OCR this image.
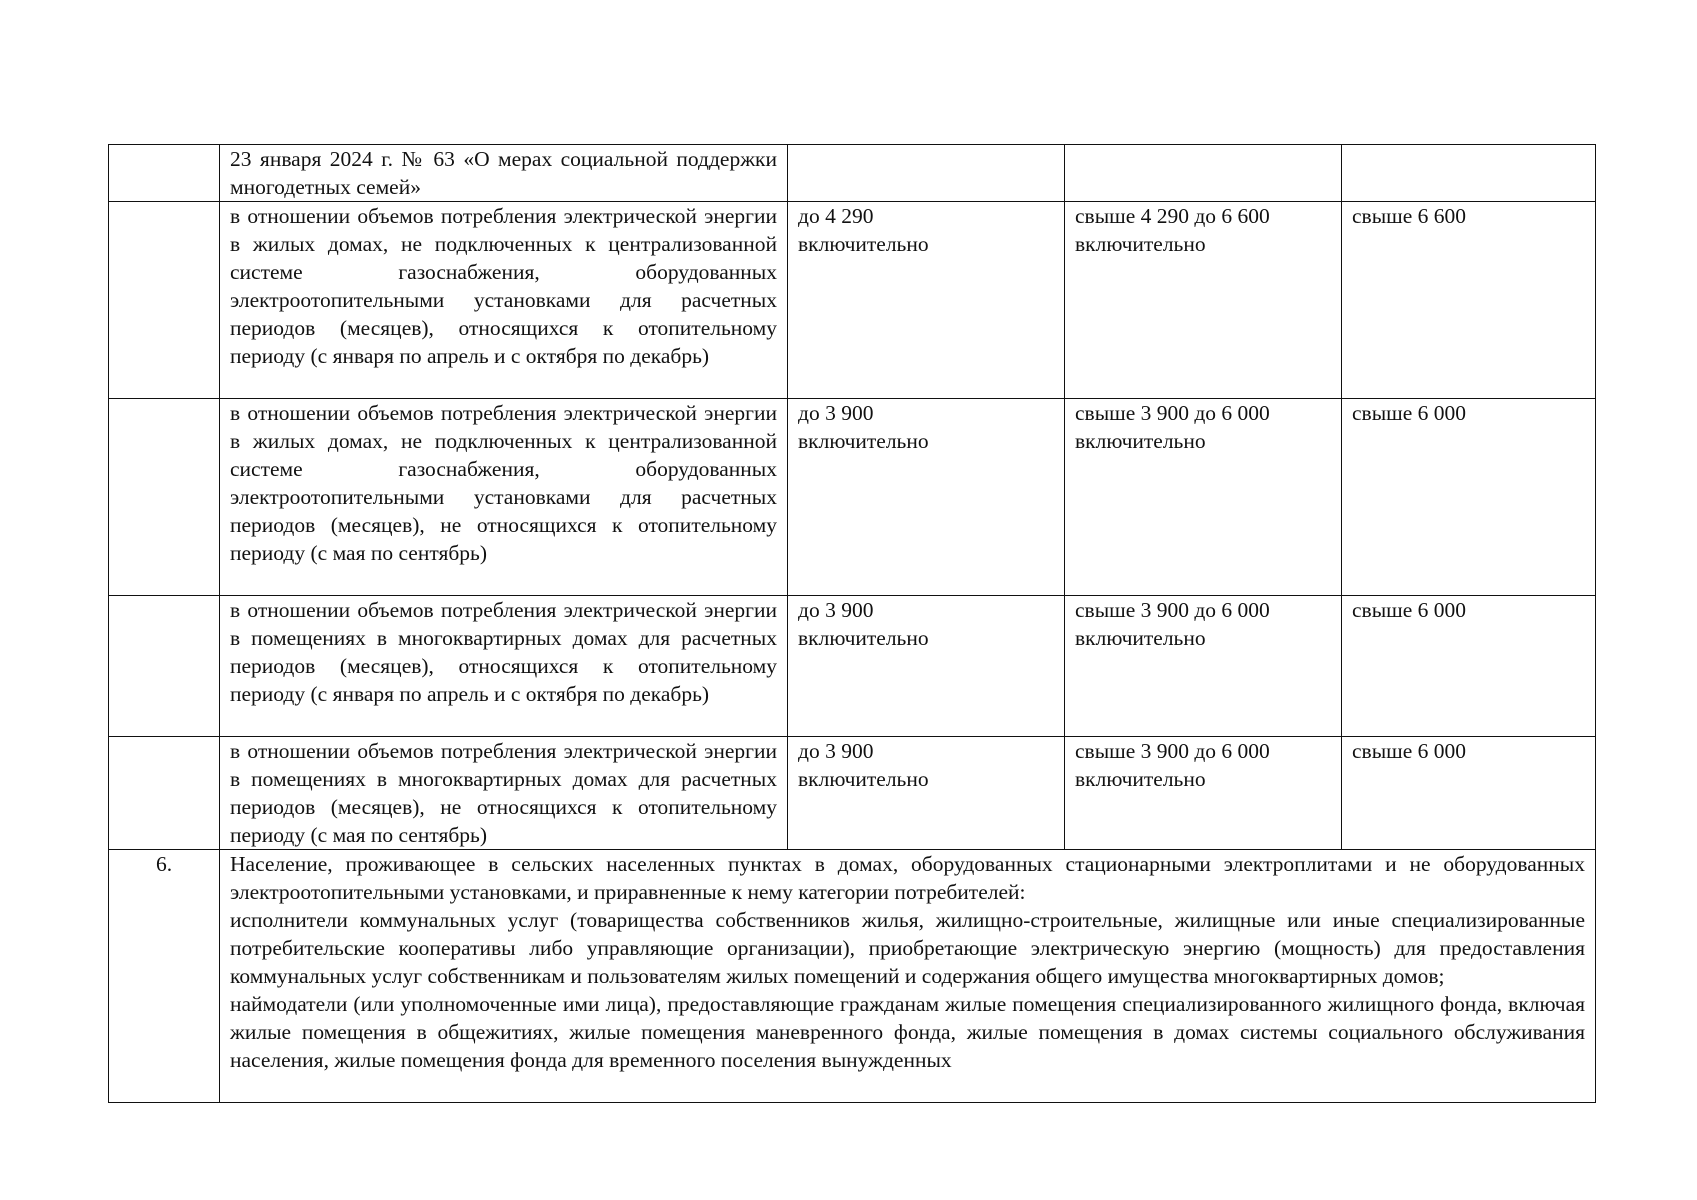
	23 января 2024 г. № 63 «О мерах социальной поддержки многодетных семей»			

	в отношении объемов потребления электрической энергии в жилых домах, не подключенных к централизованной системе газоснабжения, оборудованных электроотопительными установками для расчетных периодов (месяцев), относящихся к отопительному периоду (с января по апрель и с октября по декабрь)	до 4 290
включительно	свыше 4 290 до 6 600
включительно	свыше 6 600

	в отношении объемов потребления электрической энергии в жилых домах, не подключенных к централизованной системе газоснабжения, оборудованных электроотопительными установками для расчетных периодов (месяцев), не относящихся к отопительному периоду (с мая по сентябрь)	до 3 900
включительно	свыше 3 900 до 6 000
включительно	свыше 6 000

	в отношении объемов потребления электрической энергии в помещениях в многоквартирных домах для расчетных периодов (месяцев), относящихся к отопительному периоду (с января по апрель и с октября по декабрь)	до 3 900
включительно	свыше 3 900 до 6 000
включительно	свыше 6 000

	в отношении объемов потребления электрической энергии в помещениях в многоквартирных домах для расчетных периодов (месяцев), не относящихся к отопительному периоду (с мая по сентябрь)	до 3 900
включительно	свыше 3 900 до 6 000
включительно	свыше 6 000

6.	Население, проживающее в сельских населенных пунктах в домах, оборудованных стационарными электроплитами и не оборудованных электроотопительными установками, и приравненные к нему категории потребителей:
исполнители коммунальных услуг (товарищества собственников жилья, жилищно-строительные, жилищные или иные специализированные потребительские кооперативы либо управляющие организации), приобретающие электрическую энергию (мощность) для предоставления коммунальных услуг собственникам и пользователям жилых помещений и содержания общего имущества многоквартирных домов;
наймодатели (или уполномоченные ими лица), предоставляющие гражданам жилые помещения специализированного жилищного фонда, включая жилые помещения в общежитиях, жилые помещения маневренного фонда, жилые помещения в домах системы социального обслуживания населения, жилые помещения фонда для временного поселения вынужденных			
